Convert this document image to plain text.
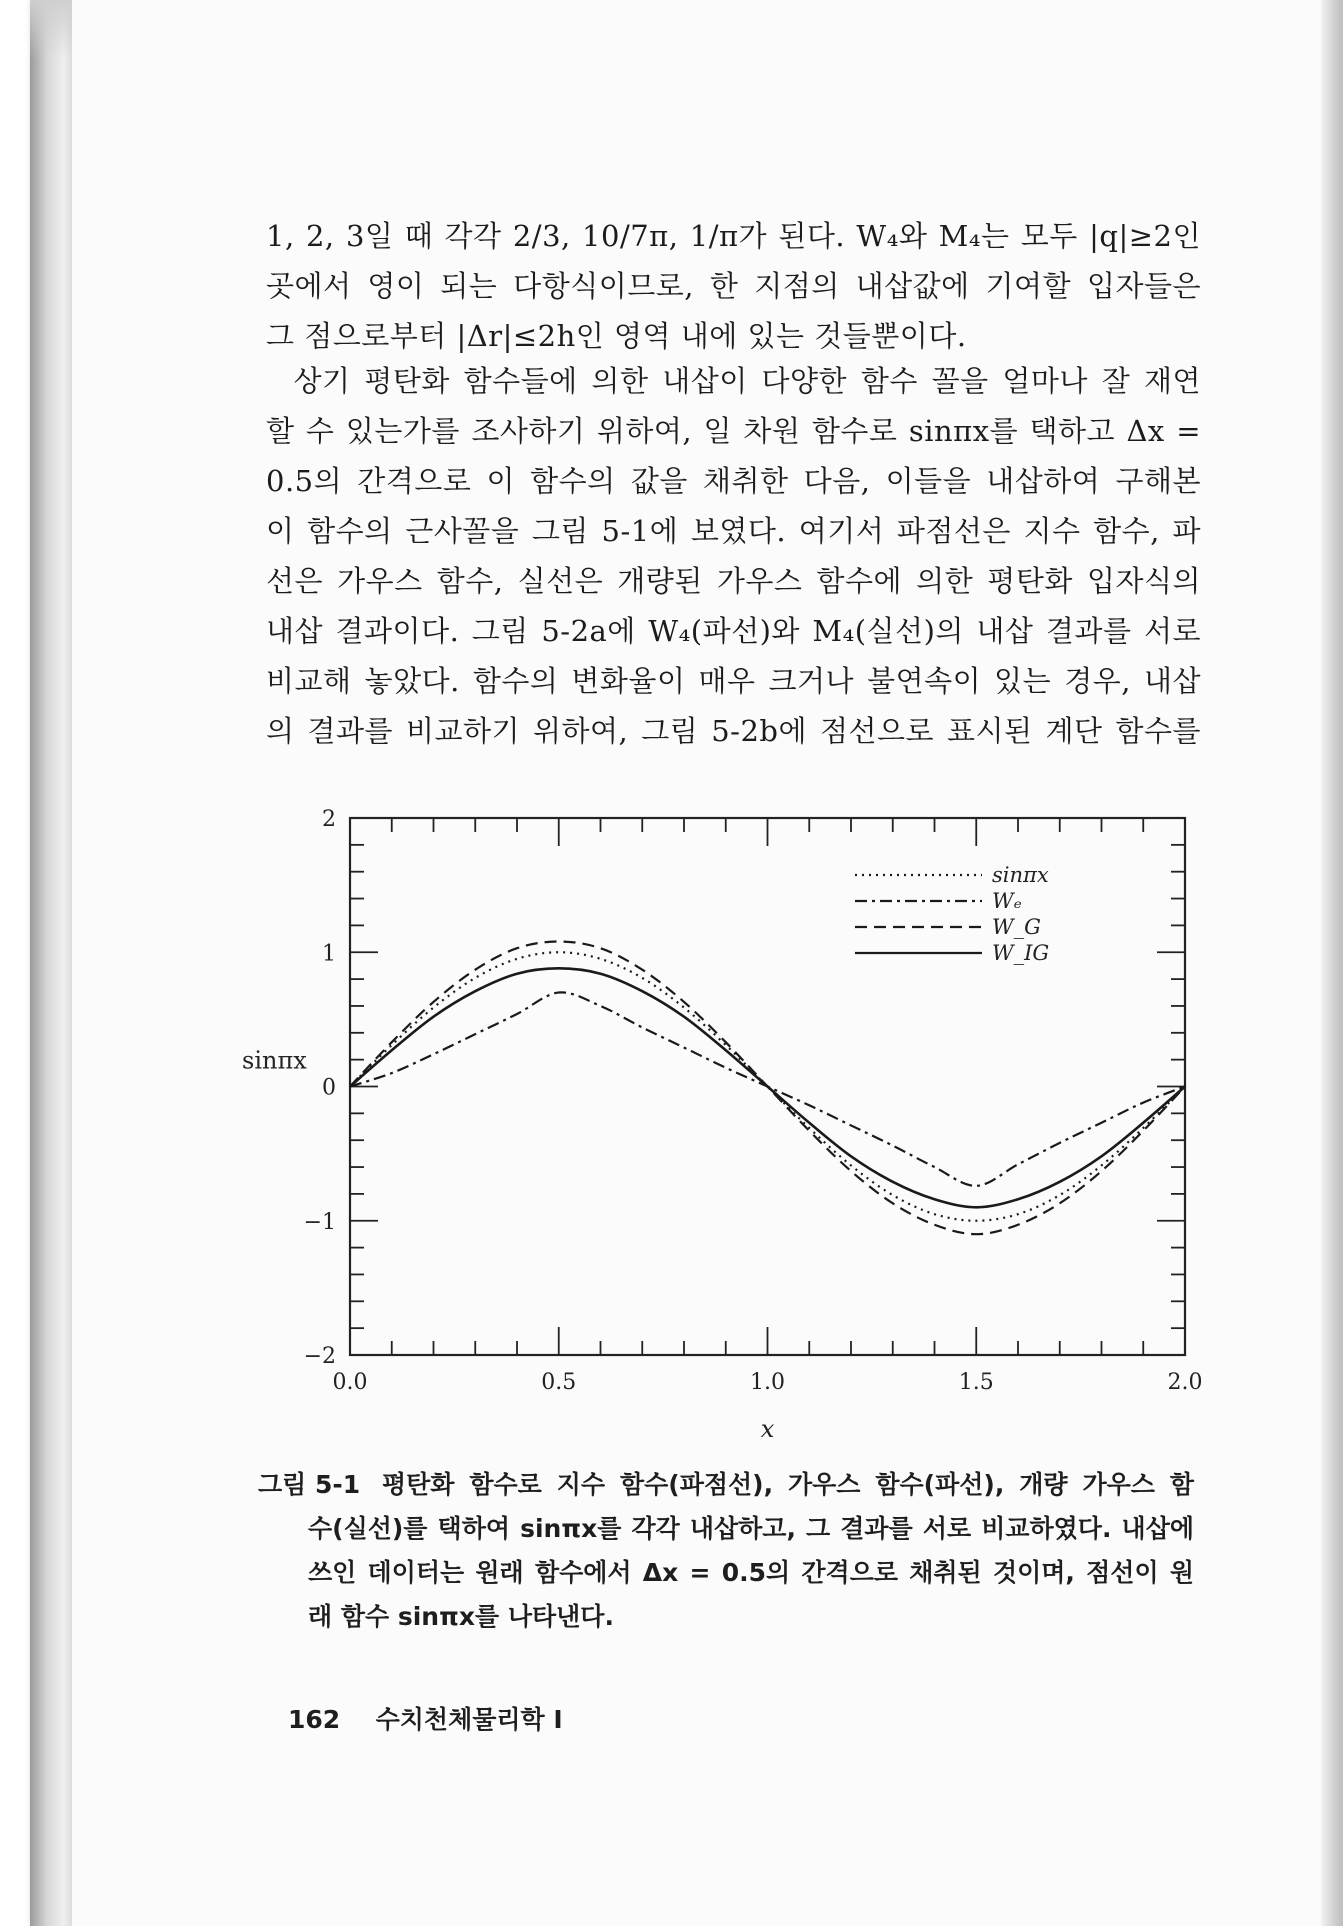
1, 2, 3일 때 각각 2/3, 10/7π, 1/π가 된다. W₄와 M₄는 모두 |q|≥2인
곳에서 영이 되는 다항식이므로, 한 지점의 내삽값에 기여할 입자들은
그 점으로부터 |Δr|≤2h인 영역 내에 있는 것들뿐이다.
상기 평탄화 함수들에 의한 내삽이 다양한 함수 꼴을 얼마나 잘 재연
할 수 있는가를 조사하기 위하여, 일 차원 함수로 sinπx를 택하고 Δx =
0.5의 간격으로 이 함수의 값을 채취한 다음, 이들을 내삽하여 구해본
이 함수의 근사꼴을 그림 5-1에 보였다. 여기서 파점선은 지수 함수, 파
선은 가우스 함수, 실선은 개량된 가우스 함수에 의한 평탄화 입자식의
내삽 결과이다. 그림 5-2a에 W₄(파선)와 M₄(실선)의 내삽 결과를 서로
비교해 놓았다. 함수의 변화율이 매우 크거나 불연속이 있는 경우, 내삽
의 결과를 비교하기 위하여, 그림 5-2b에 점선으로 표시된 계단 함수를
sinπx
Wₑ
W_G
W_IG
0.0	0.5	1.0	1.5	2.0
2
1
0
−1
−2
x
sinπx
그림 5-1 평탄화 함수로 지수 함수(파점선), 가우스 함수(파선), 개량 가우스 함
수(실선)를 택하여 sinπx를 각각 내삽하고, 그 결과를 서로 비교하였다. 내삽에
쓰인 데이터는 원래 함수에서 Δx = 0.5의 간격으로 채취된 것이며, 점선이 원
래 함수 sinπx를 나타낸다.
162 수치천체물리학 Ⅰ
